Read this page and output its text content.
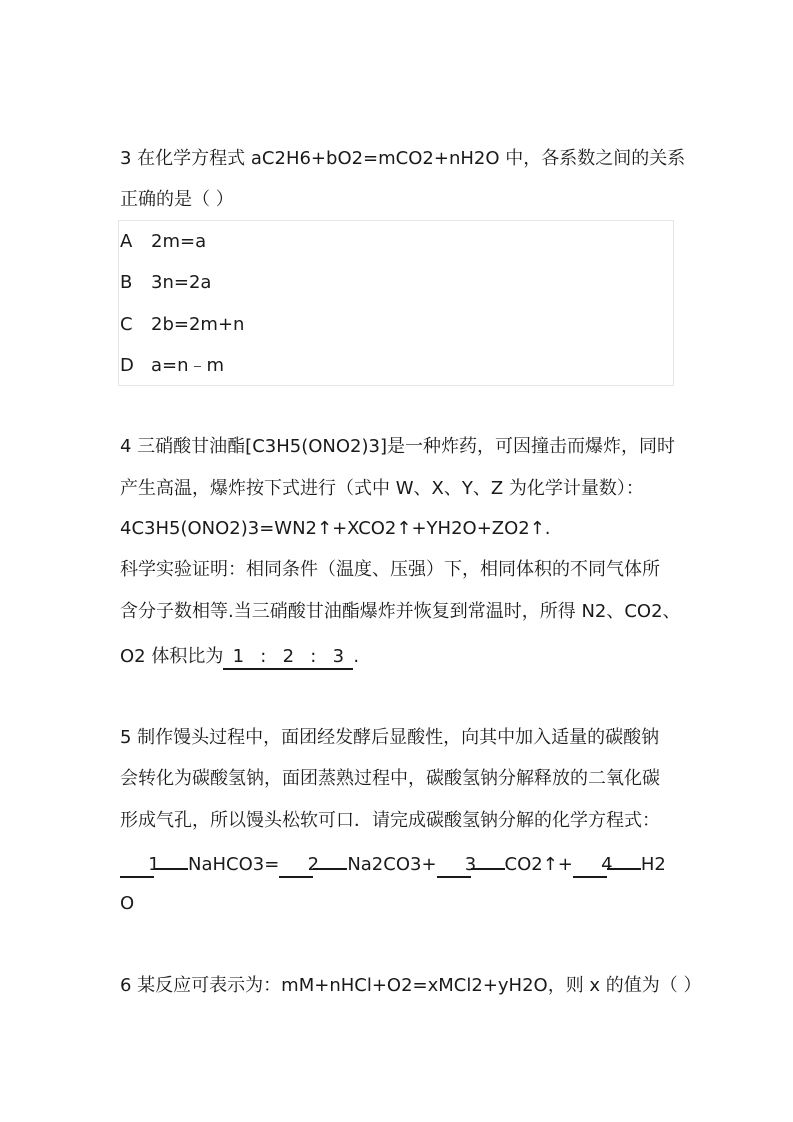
3 在化学方程式 aC2H6+bO2=mCO2+nH2O 中，各系数之间的关系
正确的是（ ）
A 2m=a
B 3n=2a
C 2b=2m+n
D a=n﹣m
4 三硝酸甘油酯[C3H5(ONO2)3]是一种炸药，可因撞击而爆炸，同时
产生高温，爆炸按下式进行（式中 W、X、Y、Z 为化学计量数）：
4C3H5(ONO2)3=WN2↑+XCO2↑+YH2O+ZO2↑.
科学实验证明：相同条件（温度、压强）下，相同体积的不同气体所
含分子数相等.当三硝酸甘油酯爆炸并恢复到常温时，所得 N2、CO2、
O2 体积比为 1 : 2 : 3 .
5 制作馒头过程中，面团经发酵后显酸性，向其中加入适量的碳酸钠
会转化为碳酸氢钠，面团蒸熟过程中，碳酸氢钠分解释放的二氧化碳
形成气孔，所以馒头松软可口．请完成碳酸氢钠分解的化学方程式：
1 NaHCO3= 2 Na2CO3+ 3 CO2↑+ 4 H2
O
6 某反应可表示为：mM+nHCl+O2=xMCl2+yH2O，则 x 的值为（ ）
